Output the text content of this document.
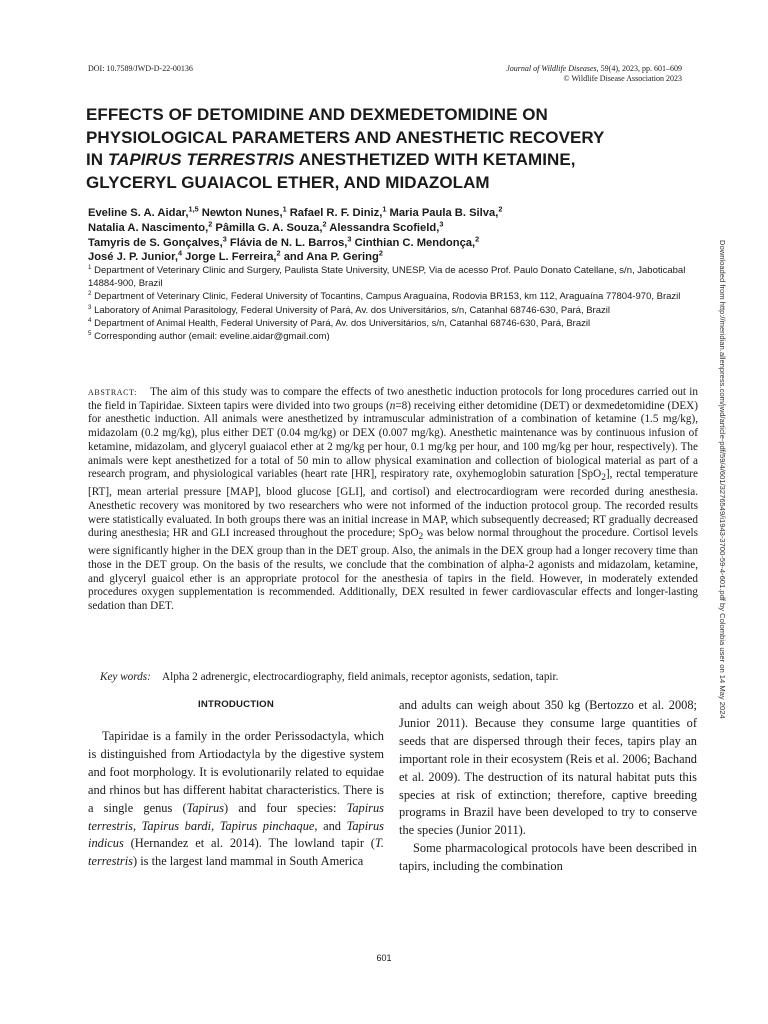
DOI: 10.7589/JWD-D-22-00136	Journal of Wildlife Diseases, 59(4), 2023, pp. 601–609
© Wildlife Disease Association 2023
EFFECTS OF DETOMIDINE AND DEXMEDETOMIDINE ON
PHYSIOLOGICAL PARAMETERS AND ANESTHETIC RECOVERY
IN TAPIRUS TERRESTRIS ANESTHETIZED WITH KETAMINE,
GLYCERYL GUAIACOL ETHER, AND MIDAZOLAM
Eveline S. A. Aidar,$^{1,5}$ Newton Nunes,$^1$ Rafael R. F. Diniz,$^1$ Maria Paula B. Silva,$^2$
Natalia A. Nascimento,$^2$ Pâmilla G. A. Souza,$^2$ Alessandra Scofield,$^3$
Tamyris de S. Gonçalves,$^3$ Flávia de N. L. Barros,$^3$ Cinthian C. Mendonça,$^2$
José J. P. Junior,$^4$ Jorge L. Ferreira,$^2$ and Ana P. Gering$^2$
$^1$ Department of Veterinary Clinic and Surgery, Paulista State University, UNESP, Via de acesso Prof. Paulo Donato Catellane, s/n, Jaboticabal 14884-900, Brazil
$^2$ Department of Veterinary Clinic, Federal University of Tocantins, Campus Araguaína, Rodovia BR153, km 112, Araguaína 77804-970, Brazil
$^3$ Laboratory of Animal Parasitology, Federal University of Pará, Av. dos Universitários, s/n, Catanhal 68746-630, Pará, Brazil
$^4$ Department of Animal Health, Federal University of Pará, Av. dos Universitários, s/n, Catanhal 68746-630, Pará, Brazil
$^5$ Corresponding author (email: eveline.aidar@gmail.com)
ABSTRACT: The aim of this study was to compare the effects of two anesthetic induction protocols for long procedures carried out in the field in Tapiridae. Sixteen tapirs were divided into two groups (n=8) receiving either detomidine (DET) or dexmedetomidine (DEX) for anesthetic induction. All animals were anesthetized by intramuscular administration of a combination of ketamine (1.5 mg/kg), midazolam (0.2 mg/kg), plus either DET (0.04 mg/kg) or DEX (0.007 mg/kg). Anesthetic maintenance was by continuous infusion of ketamine, midazolam, and glyceryl guaiacol ether at 2 mg/kg per hour, 0.1 mg/kg per hour, and 100 mg/kg per hour, respectively). The animals were kept anesthetized for a total of 50 min to allow physical examination and collection of biological material as part of a research program, and physiological variables (heart rate [HR], respiratory rate, oxyhemoglobin saturation [SpO$_2$], rectal temperature [RT], mean arterial pressure [MAP], blood glucose [GLI], and cortisol) and electrocardiogram were recorded during anesthesia. Anesthetic recovery was monitored by two researchers who were not informed of the induction protocol group. The recorded results were statistically evaluated. In both groups there was an initial increase in MAP, which subsequently decreased; RT gradually decreased during anesthesia; HR and GLI increased throughout the procedure; SpO$_2$ was below normal throughout the procedure. Cortisol levels were significantly higher in the DEX group than in the DET group. Also, the animals in the DEX group had a longer recovery time than those in the DET group. On the basis of the results, we conclude that the combination of alpha-2 agonists and midazolam, ketamine, and glyceryl guaicol ether is an appropriate protocol for the anesthesia of tapirs in the field. However, in moderately extended procedures oxygen supplementation is recommended. Additionally, DEX resulted in fewer cardiovascular effects and longer-lasting sedation than DET.
Key words: Alpha 2 adrenergic, electrocardiography, field animals, receptor agonists, sedation, tapir.
INTRODUCTION

Tapiridae is a family in the order Perissodactyla, which is distinguished from Artiodactyla by the digestive system and foot morphology. It is evolutionarily related to equidae and rhinos but has different habitat characteristics. There is a single genus (Tapirus) and four species: Tapirus terrestris, Tapirus bardi, Tapirus pinchaque, and Tapirus indicus (Hernandez et al. 2014). The lowland tapir (T. terrestris) is the largest land mammal in South America

and adults can weigh about 350 kg (Bertozzo et al. 2008; Junior 2011). Because they consume large quantities of seeds that are dispersed through their feces, tapirs play an important role in their ecosystem (Reis et al. 2006; Bachand et al. 2009). The destruction of its natural habitat puts this species at risk of extinction; therefore, captive breeding programs in Brazil have been developed to try to conserve the species (Junior 2011).

Some pharmacological protocols have been described in tapirs, including the combination

601
Downloaded from http://meridian.allenpress.com/jwd/article-pdf/59/4/601/3276549/i1943-3700-59-4-601.pdf by Colombia user on 14 May 2024
